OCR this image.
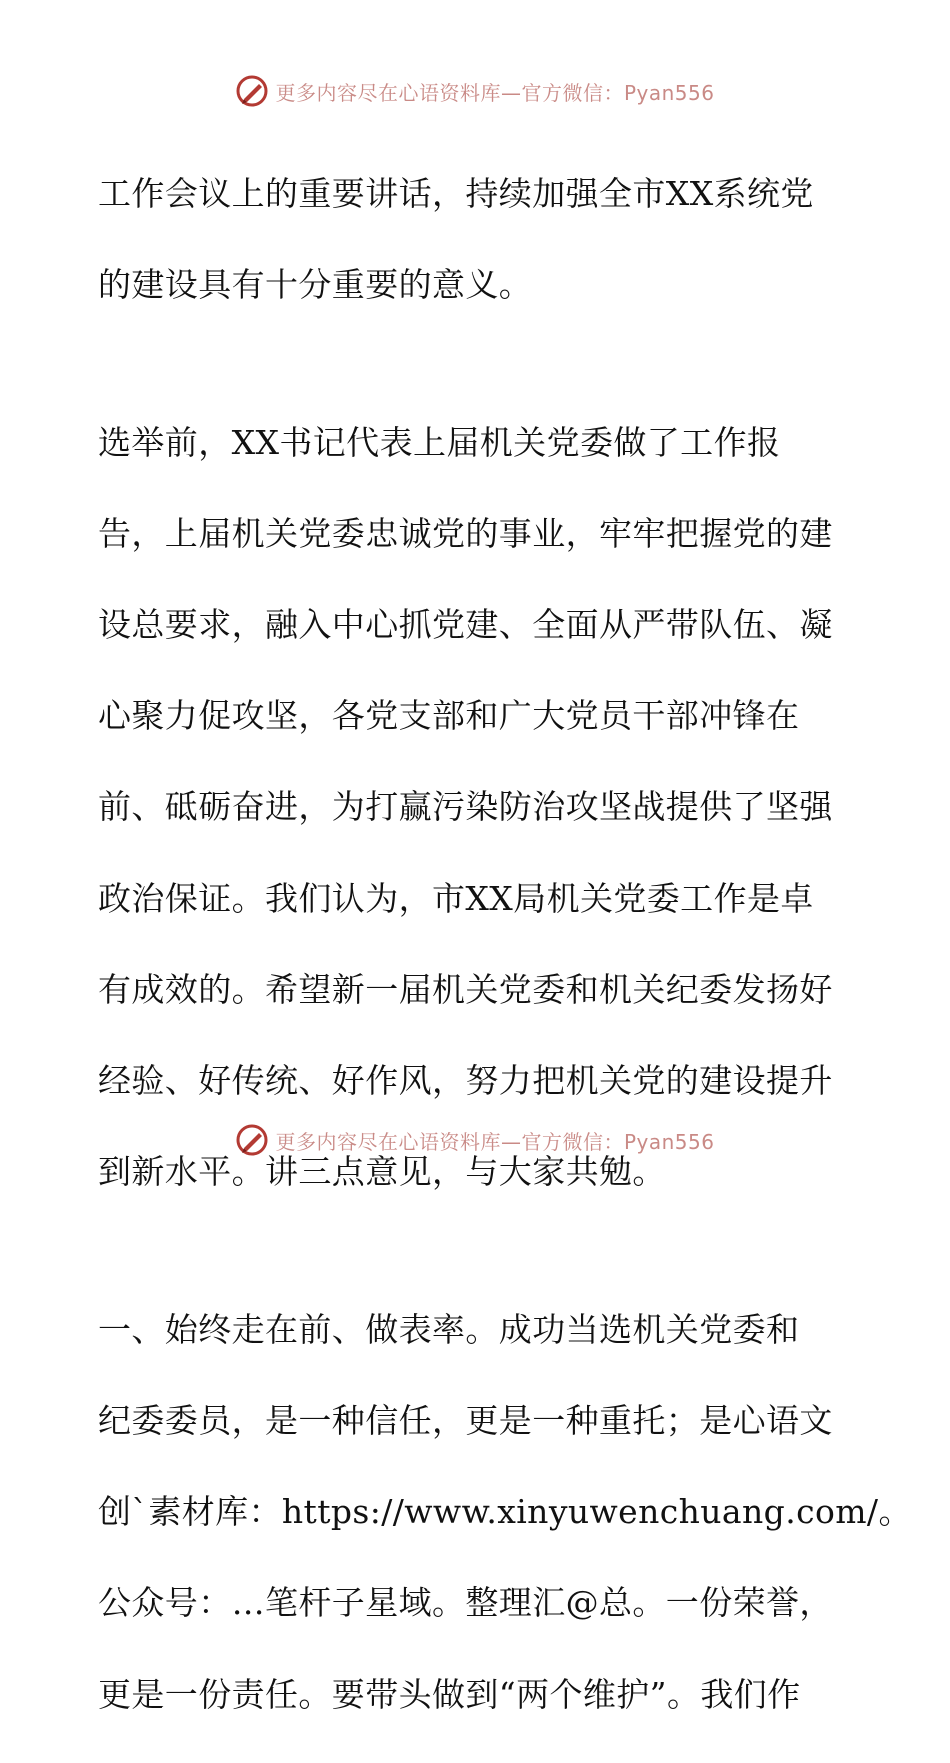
更多内容尽在心语资料库—官方微信：Pyan556

工作会议上的重要讲话，持续加强全市XX系统党

的建设具有十分重要的意义。

选举前，XX书记代表上届机关党委做了工作报

告，上届机关党委忠诚党的事业，牢牢把握党的建

设总要求，融入中心抓党建、全面从严带队伍、凝

心聚力促攻坚，各党支部和广大党员干部冲锋在

前、砥砺奋进，为打赢污染防治攻坚战提供了坚强

政治保证。我们认为，市XX局机关党委工作是卓

有成效的。希望新一届机关党委和机关纪委发扬好

经验、好传统、好作风，努力把机关党的建设提升

到新水平。讲三点意见，与大家共勉。

一、始终走在前、做表率。成功当选机关党委和

纪委委员，是一种信任，更是一种重托；是心语文

创`素材库：https://www.xinyuwenchuang.com/。

公众号：…笔杆子星域。整理汇@总。一份荣誉，

更是一份责任。要带头做到“两个维护”。我们作

更多内容尽在心语资料库—官方微信：Pyan556
